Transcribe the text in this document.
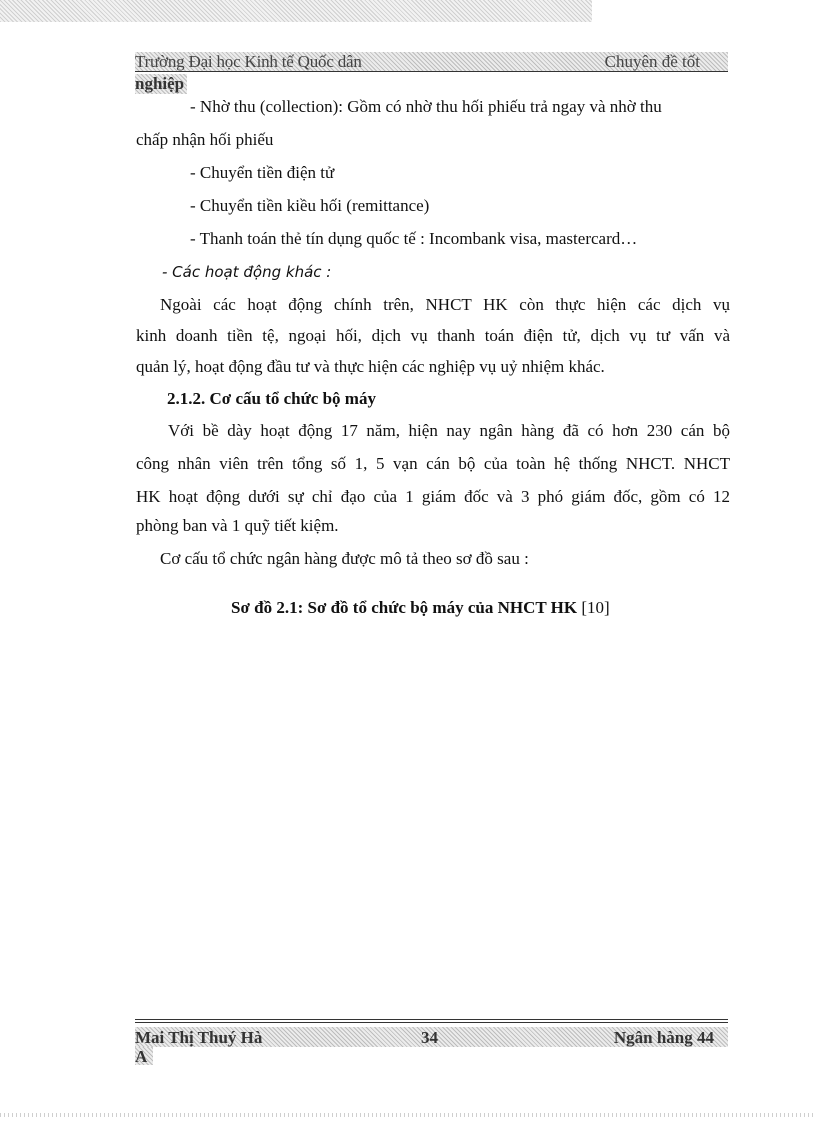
Trường Đại học Kinh tế Quốc dân	Chuyên đề tốt
nghiệp
- Nhờ thu (collection): Gồm có nhờ thu hối phiếu trả ngay và nhờ thu
chấp nhận hối phiếu
- Chuyển tiền điện tử
- Chuyển tiền kiều hối (remittance)
- Thanh toán thẻ tín dụng quốc tế : Incombank visa, mastercard…
- Các hoạt động khác :
Ngoài các hoạt động chính trên, NHCT HK còn thực hiện các dịch vụ
kinh doanh tiền tệ, ngoại hối, dịch vụ thanh toán điện tử, dịch vụ tư vấn và
quản lý, hoạt động đầu tư và thực hiện các nghiệp vụ uỷ nhiệm khác.
2.1.2. Cơ cấu tổ chức bộ máy
Với bề dày hoạt động 17 năm, hiện nay ngân hàng đã có hơn 230 cán bộ
công nhân viên trên tổng số 1, 5 vạn cán bộ của toàn hệ thống NHCT. NHCT
HK hoạt động dưới sự chỉ đạo của 1 giám đốc và 3 phó giám đốc, gồm có 12
phòng ban và 1 quỹ tiết kiệm.
Cơ cấu tổ chức ngân hàng được mô tả theo sơ đồ sau :
Sơ đồ 2.1: Sơ đồ tổ chức bộ máy của NHCT HK [10]
Mai Thị Thuý Hà	34	Ngân hàng 44
A
